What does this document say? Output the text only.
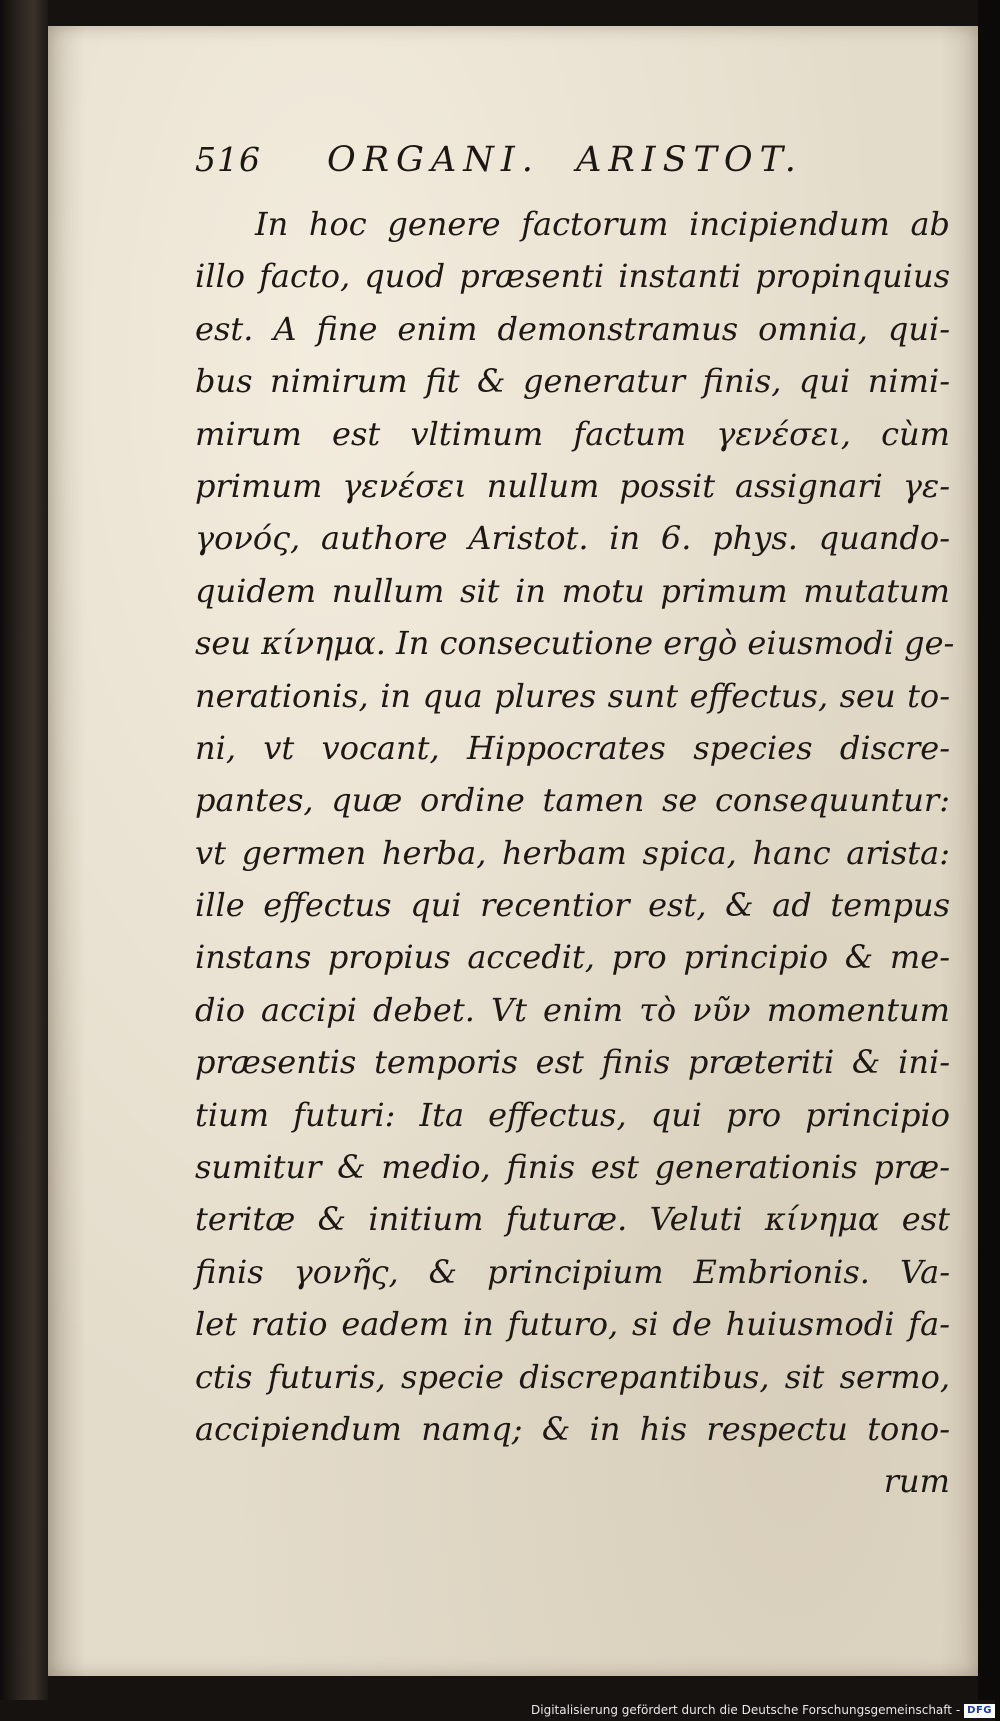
516 ORGANI.  ARISTOT.
In hoc genere factorum incipiendum ab
illo facto, quod præsenti instanti propinquius
est. A fine enim demonstramus omnia, qui-
bus nimirum fit & generatur finis, qui nimi-
mirum est vltimum factum γενέσει, cùm
primum γενέσει nullum possit assignari γε-
γονός, authore Aristot. in 6. phys. quando-
quidem nullum sit in motu primum mutatum
seu κίνημα. In consecutione ergò eiusmodi ge-
nerationis, in qua plures sunt effectus, seu to-
ni, vt vocant, Hippocrates species discre-
pantes, quæ ordine tamen se consequuntur:
vt germen herba, herbam spica, hanc arista:
ille effectus qui recentior est, & ad tempus
instans propius accedit, pro principio & me-
dio accipi debet. Vt enim τὸ νῦν momentum
præsentis temporis est finis præteriti & ini-
tium futuri: Ita effectus, qui pro principio
sumitur & medio, finis est generationis præ-
teritæ & initium futuræ. Veluti κίνημα est
finis γονῆς, & principium Embrionis. Va-
let ratio eadem in futuro, si de huiusmodi fa-
ctis futuris, specie discrepantibus, sit sermo,
accipiendum namq; & in his respectu tono-
rum
Digitalisierung gefördert durch die Deutsche Forschungsgemeinschaft - DFG
